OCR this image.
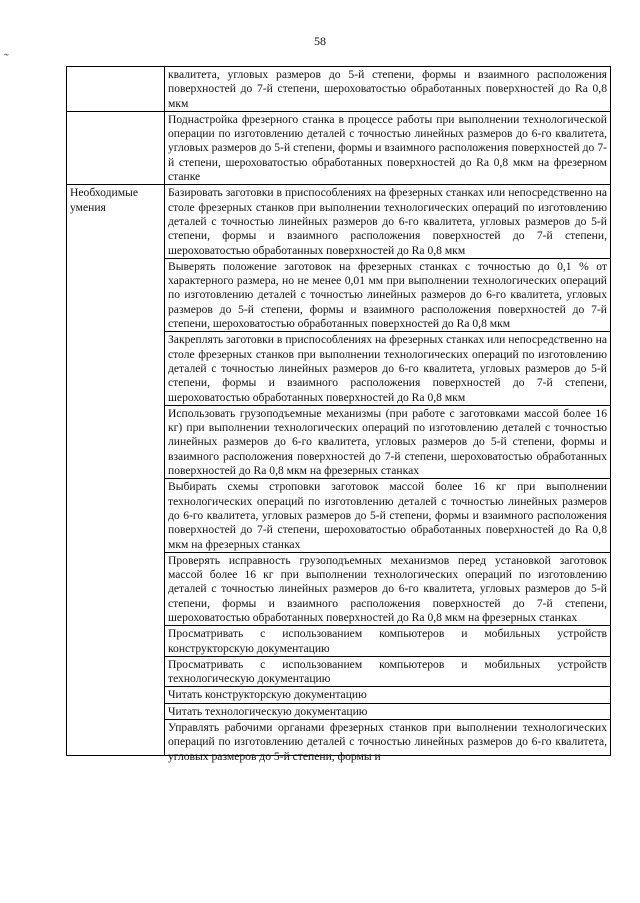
58
˜
	квалитета, угловых размеров до 5-й степени, формы и взаимного расположения поверхностей до 7-й степени, шероховатостью обработанных поверхностей до Ra 0,8 мкм
	Поднастройка фрезерного станка в процессе работы при выполнении технологической операции по изготовлению деталей с точностью линейных размеров до 6-го квалитета, угловых размеров до 5-й степени, формы и взаимного расположения поверхностей до 7-й степени, шероховатостью обработанных поверхностей до Ra 0,8 мкм на фрезерном станке
Необходимые умения	Базировать заготовки в приспособлениях на фрезерных станках или непосредственно на столе фрезерных станков при выполнении технологических операций по изготовлению деталей с точностью линейных размеров до 6-го квалитета, угловых размеров до 5-й степени, формы и взаимного расположения поверхностей до 7-й степени, шероховатостью обработанных поверхностей до Ra 0,8 мкм
	Выверять положение заготовок на фрезерных станках с точностью до 0,1 % от характерного размера, но не менее 0,01 мм при выполнении технологических операций по изготовлению деталей с точностью линейных размеров до 6-го квалитета, угловых размеров до 5-й степени, формы и взаимного расположения поверхностей до 7-й степени, шероховатостью обработанных поверхностей до Ra 0,8 мкм
	Закреплять заготовки в приспособлениях на фрезерных станках или непосредственно на столе фрезерных станков при выполнении технологических операций по изготовлению деталей с точностью линейных размеров до 6-го квалитета, угловых размеров до 5-й степени, формы и взаимного расположения поверхностей до 7-й степени, шероховатостью обработанных поверхностей до Ra 0,8 мкм
	Использовать грузоподъемные механизмы (при работе с заготовками массой более 16 кг) при выполнении технологических операций по изготовлению деталей с точностью линейных размеров до 6-го квалитета, угловых размеров до 5-й степени, формы и взаимного расположения поверхностей до 7-й степени, шероховатостью обработанных поверхностей до Ra 0,8 мкм на фрезерных станках
	Выбирать схемы строповки заготовок массой более 16 кг при выполнении технологических операций по изготовлению деталей с точностью линейных размеров до 6-го квалитета, угловых размеров до 5-й степени, формы и взаимного расположения поверхностей до 7-й степени, шероховатостью обработанных поверхностей до Ra 0,8 мкм на фрезерных станках
	Проверять исправность грузоподъемных механизмов перед установкой заготовок массой более 16 кг при выполнении технологических операций по изготовлению деталей с точностью линейных размеров до 6-го квалитета, угловых размеров до 5-й степени, формы и взаимного расположения поверхностей до 7-й степени, шероховатостью обработанных поверхностей до Ra 0,8 мкм на фрезерных станках
	Просматривать с использованием компьютеров и мобильных устройств конструкторскую документацию
	Просматривать с использованием компьютеров и мобильных устройств технологическую документацию
	Читать конструкторскую документацию
	Читать технологическую документацию

	Управлять рабочими органами фрезерных станков при выполнении технологических операций по изготовлению деталей с точностью линейных размеров до 6-го квалитета, угловых размеров до 5-й степени, формы и
